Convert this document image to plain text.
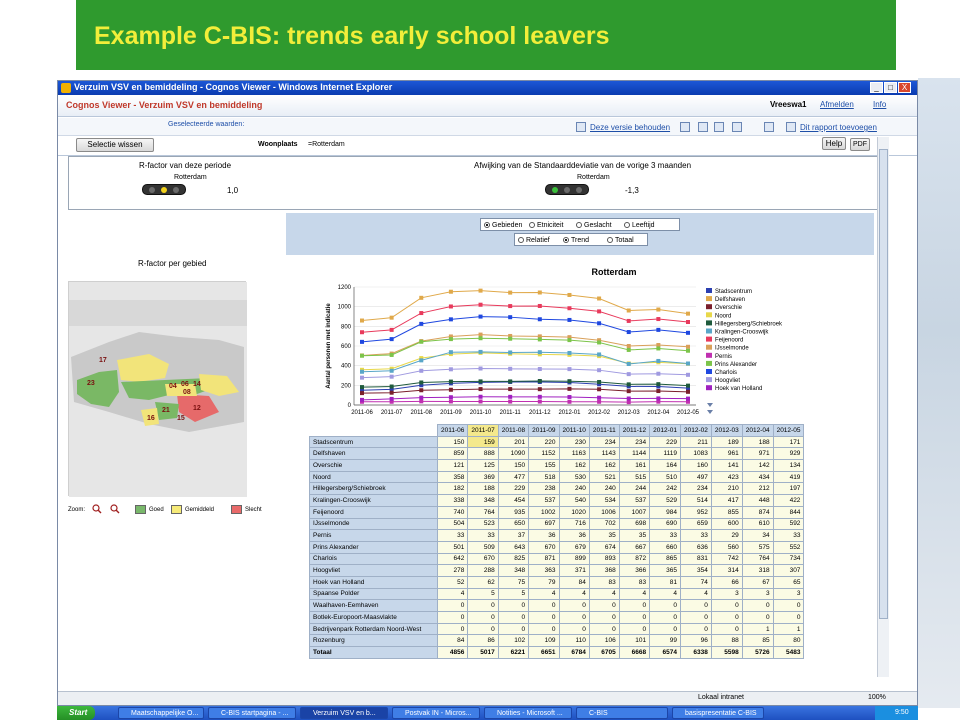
Example C-BIS: trends early school leavers
Verzuim VSV en bemiddeling - Cognos Viewer - Windows Internet Explorer	_	□	X
Cognos Viewer - Verzuim VSV en bemiddeling	Vreeswa1 Afmelden Info
Geselecteerde waarden:	Deze versie behouden	Dit rapport toevoegen
Selectie wissen	Woonplaats =Rotterdam	Help	PDF
R-factor van deze periode
Rotterdam
1,0
Afwijking van de Standaarddeviatie van de vorige 3 maanden
Rotterdam
-1,3
R-factor per gebied
17
23	04 06 14
08
21
16	15
12
Zoom:	Goed	Gemiddeld	Slecht
Gebieden	Etniciteit	Geslacht	Leeftijd
Relatief	Trend	Totaal
Rotterdam
0
200
400
600
800
1000
1200
2011-06 2011-07 2011-08 2011-09 2011-10 2011-11 2011-12 2012-01 2012-02 2012-03 2012-04 2012-05
Aantal personen met indicatie
Stadscentrum
Delfshaven
Overschie
Noord
Hillegersberg/Schiebroek
Kralingen-Crooswijk
Feijenoord
IJsselmonde
Pernis
Prins Alexander
Charlois
Hoogvliet
Hoek van Holland
	2011-06	2011-07	2011-08	2011-09	2011-10	2011-11	2011-12	2012-01	2012-02	2012-03	2012-04	2012-05
Stadscentrum	150	159	201	220	230	234	234	229	211	189	188	171
Delfshaven	859	888	1090	1152	1163	1143	1144	1119	1083	961	971	929
Overschie	121	125	150	155	162	162	161	164	160	141	142	134
Noord	358	369	477	518	530	521	515	510	497	423	434	419
Hillegersberg/Schiebroek	182	188	229	238	240	240	244	242	234	210	212	197
Kralingen-Crooswijk	338	348	454	537	540	534	537	529	514	417	448	422
Feijenoord	740	764	935	1002	1020	1006	1007	984	952	855	874	844
IJsselmonde	504	523	650	697	716	702	698	690	659	600	610	592
Pernis	33	33	37	36	36	35	35	33	33	29	34	33
Prins Alexander	501	509	643	670	679	674	667	660	636	560	575	552
Charlois	642	670	825	871	899	893	872	865	831	742	764	734
Hoogvliet	278	288	348	363	371	368	366	365	354	314	318	307
Hoek van Holland	52	62	75	79	84	83	83	81	74	66	67	65
Spaanse Polder	4	5	5	4	4	4	4	4	4	3	3	3
Waalhaven-Eemhaven	0	0	0	0	0	0	0	0	0	0	0	0
Botlek-Europoort-Maasvlakte	0	0	0	0	0	0	0	0	0	0	0	0
Bedrijvenpark Rotterdam Noord-West	0	0	0	0	0	0	0	0	0	0	1	1
Rozenburg	84	86	102	109	110	106	101	99	96	88	85	80
Totaal	4856	5017	6221	6651	6784	6705	6668	6574	6338	5598	5726	5483
Lokaal intranet	100%
Start	9:50
Maatschappelijke O...	C-BIS startpagina - ...	Verzuim VSV en b...	Postvak IN - Micros...	Notities - Microsoft ...	C-BIS	basispresentatie C-BIS
